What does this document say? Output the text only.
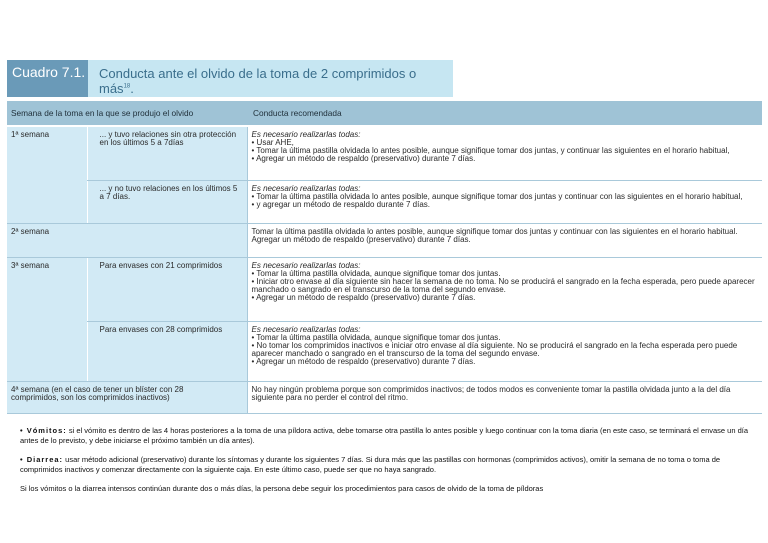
Cuadro 7.1.	Conducta ante el olvido de la toma de 2 comprimidos o más$^{18}$.
Semana de la toma en la que se produjo el olvido		Conducta recomendada
1ª semana	... y tuvo relaciones sin otra protección en los últimos 5 a 7días	Es necesario realizarlas todas:
• Usar AHE,
• Tomar la última pastilla olvidada lo antes posible, aunque signifique tomar dos juntas, y continuar las siguientes en el horario habitual,
• Agregar un método de respaldo (preservativo) durante 7 días.

	... y no tuvo relaciones en los últimos 5 a 7 días.	Es necesario realizarlas todas:
• Tomar la última pastilla olvidada lo antes posible, aunque signifique tomar dos juntas y continuar con las siguientes en el horario habitual,
• y agregar un método de respaldo durante 7 días.

2ª semana		Tomar la última pastilla olvidada lo antes posible, aunque signifique tomar dos juntas y continuar con las siguientes en el horario habitual. Agregar un método de respaldo (preservativo) durante 7 días.

3ª semana	Para envases con 21 comprimidos	Es necesario realizarlas todas:
• Tomar la última pastilla olvidada, aunque signifique tomar dos juntas.
• Iniciar otro envase al día siguiente sin hacer la semana de no toma. No se producirá el sangrado en la fecha esperada, pero puede aparecer manchado o sangrado en el transcurso de la toma del segundo envase.
• Agregar un método de respaldo (preservativo) durante 7 días.

	Para envases con 28 comprimidos	Es necesario realizarlas todas:
• Tomar la última pastilla olvidada, aunque signifique tomar dos juntas.
• No tomar los comprimidos inactivos e iniciar otro envase al día siguiente. No se producirá el sangrado en la fecha esperada pero puede aparecer manchado o sangrado en el transcurso de la toma del segundo envase.
• Agregar un método de respaldo (preservativo) durante 7 días.

4ª semana (en el caso de tener un blíster con 28 comprimidos, son los comprimidos inactivos)		No hay ningún problema porque son comprimidos inactivos; de todos modos es conveniente tomar la pastilla olvidada junto a la del día siguiente para no perder el control del ritmo.

• Vómitos: si el vómito es dentro de las 4 horas posteriores a la toma de una píldora activa, debe tomarse otra pastilla lo antes posible y luego continuar con la toma diaria (en este caso, se terminará el envase un día antes de lo previsto, y debe iniciarse el próximo también un día antes).

• Diarrea: usar método adicional (preservativo) durante los síntomas y durante los siguientes 7 días. Si dura más que las pastillas con hormonas (comprimidos activos), omitir la semana de no toma o toma de comprimidos inactivos y comenzar directamente con la siguiente caja. En este último caso, puede ser que no haya sangrado.

Si los vómitos o la diarrea intensos continúan durante dos o más días, la persona debe seguir los procedimientos para casos de olvido de la toma de píldoras
